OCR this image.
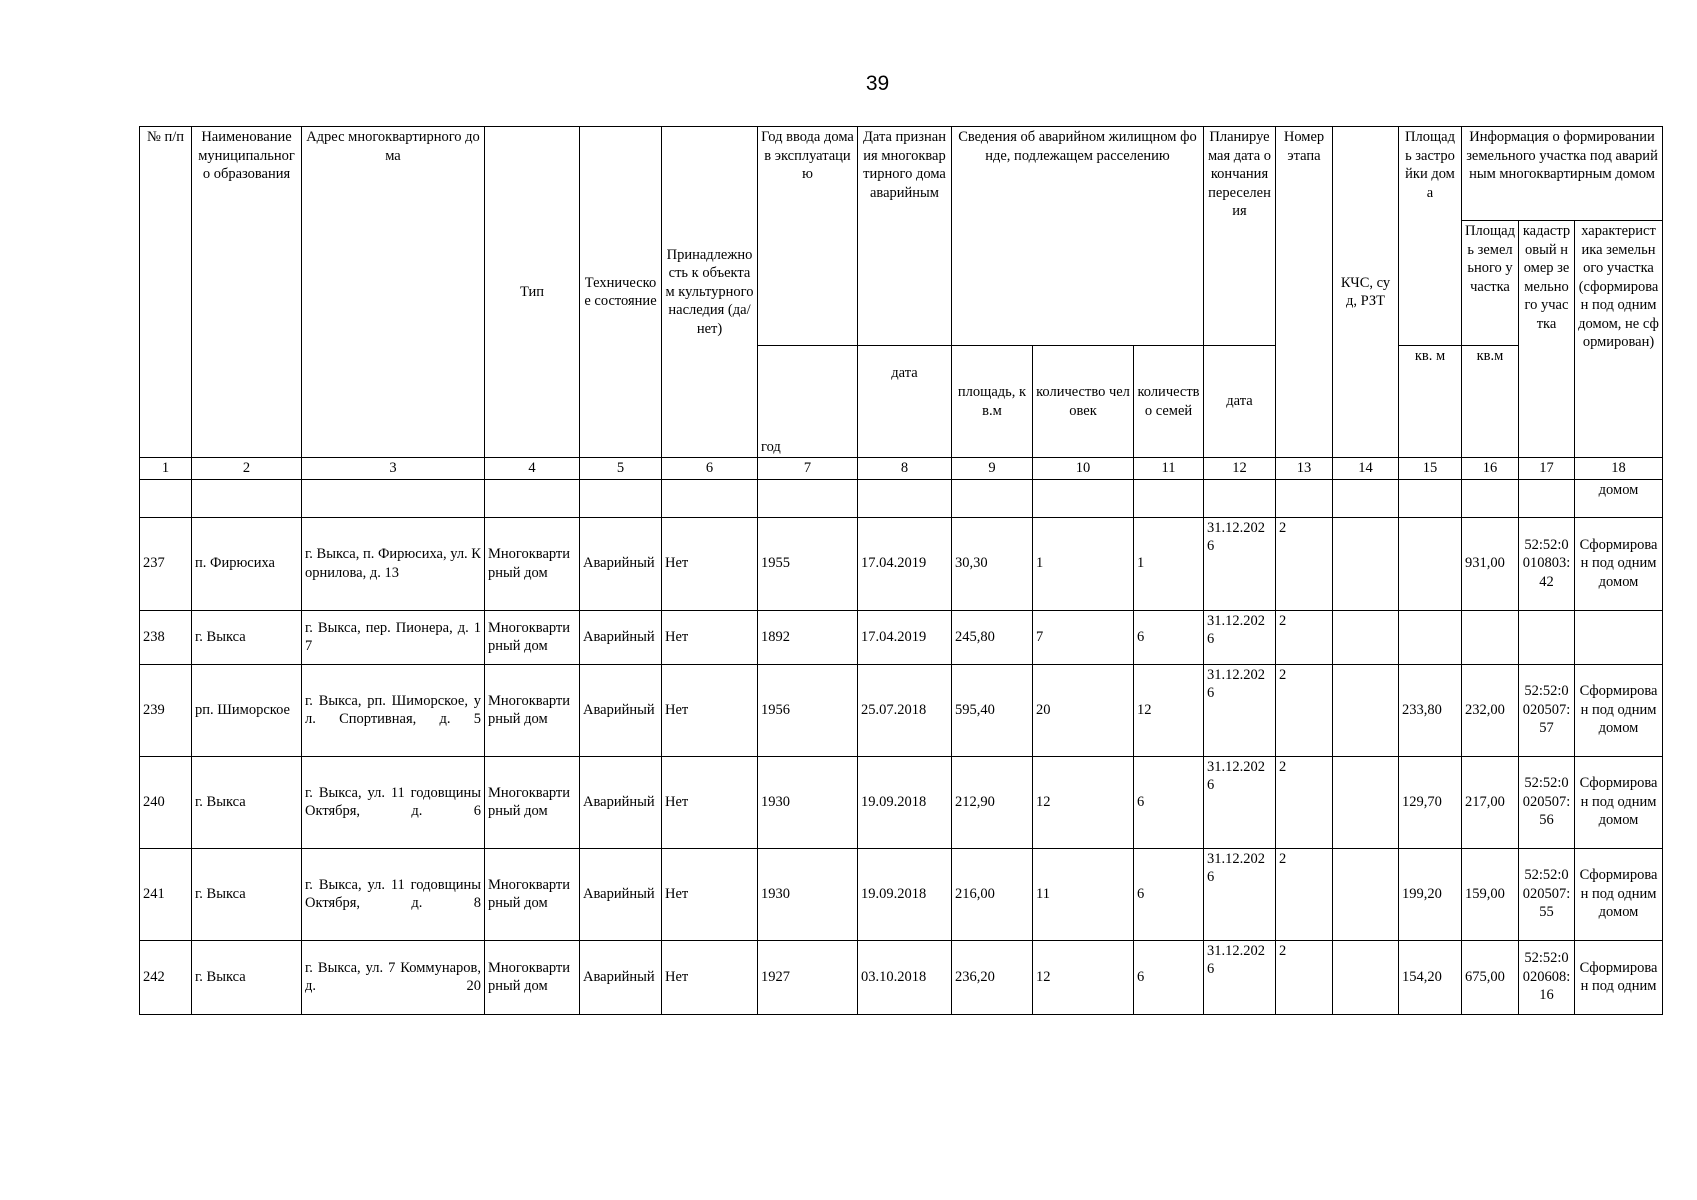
39
№ п/п	Наименование муниципального образования	Адрес многоквартирного дома	Тип	Техническое состояние	Принадлежность к объектам культурного наследия (да/нет)	Год ввода дома в эксплуатацию	Дата признания многоквартирного дома аварийным	Сведения об аварийном жилищном фонде, подлежащем расселению			Планируемая дата окончания переселения	Номер этапа	КЧС, суд, РЗТ	Площадь застройки дома	Информация о формировании земельного участка под аварийным многоквартирным домом		
															Площадь земельного участка	кадастровый номер земельного участка	характеристика земельного участка (сформирован под одним домом, не сформирован)
						год	дата	площадь, кв.м	количество человек	количество семей	дата			кв. м	кв.м		
1	2	3	4	5	6	7	8	9	10	11	12	13	14	15	16	17	18
																	домом
237	п. Фирюсиха	г. Выкса, п. Фирюсиха, ул. Корнилова, д. 13	Многоквартирный дом	Аварийный	Нет	1955	17.04.2019	30,30	1	1	31.12.2026	2			931,00	52:52:0010803:42	Сформирован под одним домом
238	г. Выкса	г. Выкса, пер. Пионера, д. 17	Многоквартирный дом	Аварийный	Нет	1892	17.04.2019	245,80	7	6	31.12.2026	2					
239	рп. Шиморское	г. Выкса, рп. Шиморское, ул. Спортивная, д. 5	Многоквартирный дом	Аварийный	Нет	1956	25.07.2018	595,40	20	12	31.12.2026	2		233,80	232,00	52:52:0020507:57	Сформирован под одним домом
240	г. Выкса	г. Выкса, ул. 11 годовщины Октября, д. 6	Многоквартирный дом	Аварийный	Нет	1930	19.09.2018	212,90	12	6	31.12.2026	2		129,70	217,00	52:52:0020507:56	Сформирован под одним домом
241	г. Выкса	г. Выкса, ул. 11 годовщины Октября, д. 8	Многоквартирный дом	Аварийный	Нет	1930	19.09.2018	216,00	11	6	31.12.2026	2		199,20	159,00	52:52:0020507:55	Сформирован под одним домом
242	г. Выкса	г. Выкса, ул. 7 Коммунаров, д. 20	Многоквартирный дом	Аварийный	Нет	1927	03.10.2018	236,20	12	6	31.12.2026	2		154,20	675,00	52:52:0020608:16	Сформирован под одним
